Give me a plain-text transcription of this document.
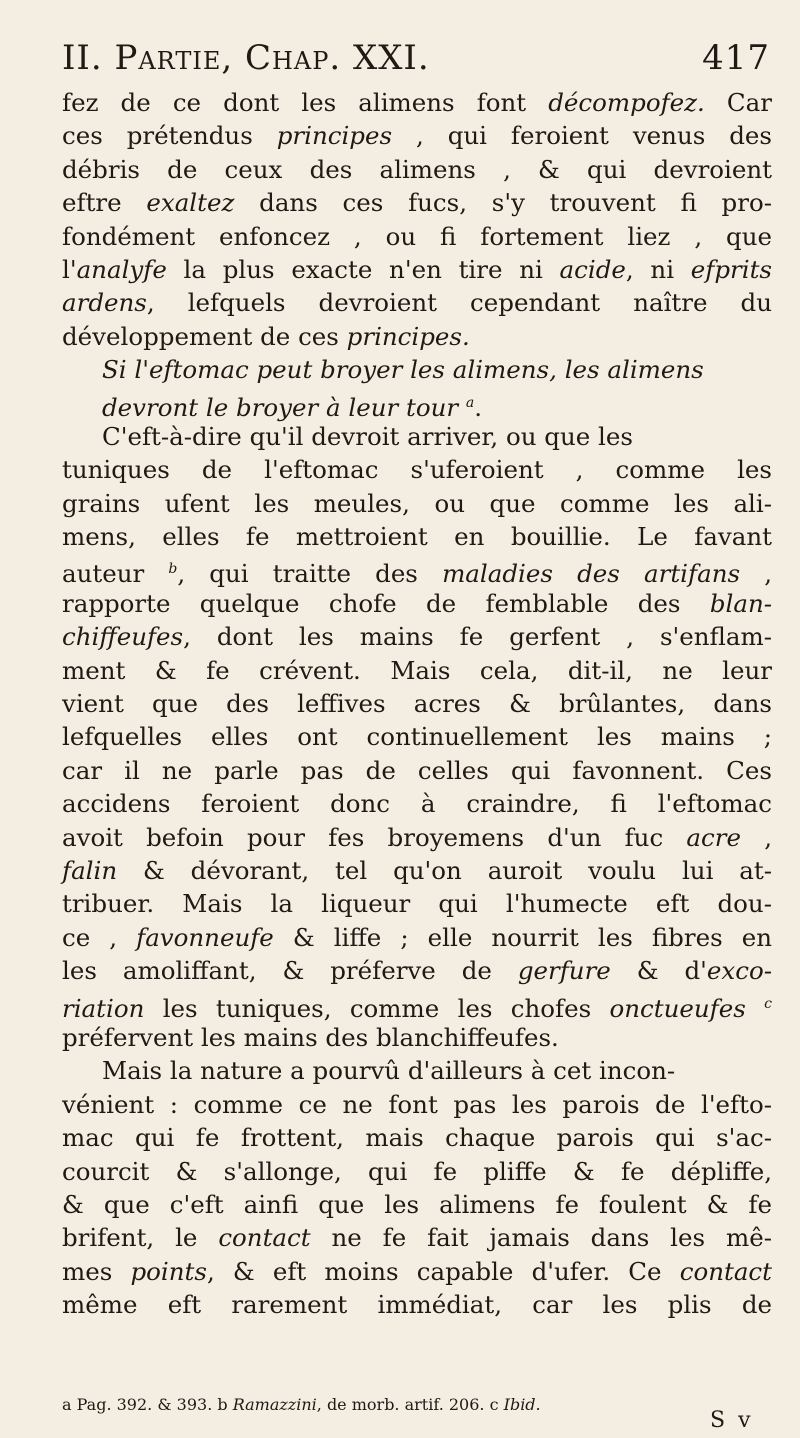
II. Partie, Chap. XXI.	417
fez de ce dont les alimens font décompofez. Car
ces prétendus principes , qui feroient venus des
débris de ceux des alimens , & qui devroient
eftre exaltez dans ces fucs, s'y trouvent fi pro-
fondément enfoncez , ou fi fortement liez , que
l'analyfe la plus exacte n'en tire ni acide, ni efprits
ardens, lefquels devroient cependant naître du
développement de ces principes.
Si l'eftomac peut broyer les alimens, les alimens
devront le broyer à leur tour $^a$.
C'eft-à-dire qu'il devroit arriver, ou que les
tuniques de l'eftomac s'uferoient , comme les
grains ufent les meules, ou que comme les ali-
mens, elles fe mettroient en bouillie. Le favant
auteur $^b$, qui traitte des maladies des artifans ,
rapporte quelque chofe de femblable des blan-
chiffeufes, dont les mains fe gerfent , s'enflam-
ment & fe crévent. Mais cela, dit-il, ne leur
vient que des leffives acres & brûlantes, dans
lefquelles elles ont continuellement les mains ;
car il ne parle pas de celles qui favonnent. Ces
accidens feroient donc à craindre, fi l'eftomac
avoit befoin pour fes broyemens d'un fuc acre ,
falin & dévorant, tel qu'on auroit voulu lui at-
tribuer. Mais la liqueur qui l'humecte eft dou-
ce , favonneufe & liffe ; elle nourrit les fibres en
les amoliffant, & préferve de gerfure & d'exco-
riation les tuniques, comme les chofes onctueufes $^c$
préfervent les mains des blanchiffeufes.
Mais la nature a pourvû d'ailleurs à cet incon-
vénient : comme ce ne font pas les parois de l'efto-
mac qui fe frottent, mais chaque parois qui s'ac-
courcit & s'allonge, qui fe pliffe & fe dépliffe,
& que c'eft ainfi que les alimens fe foulent & fe
brifent, le contact ne fe fait jamais dans les mê-
mes points, & eft moins capable d'ufer. Ce contact
même eft rarement immédiat, car les plis de
a Pag. 392. & 393. b Ramazzini, de morb. artif. 206. c Ibid.
S v
